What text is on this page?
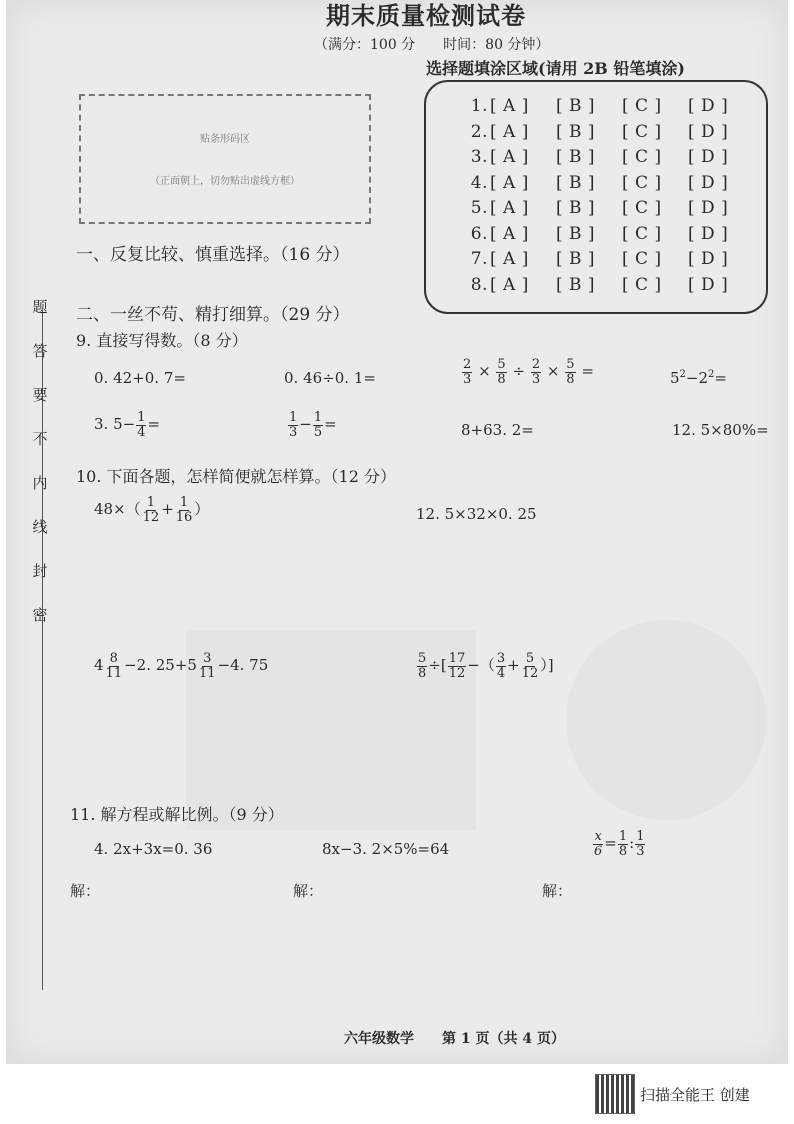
期末质量检测试卷
（满分：100 分　　时间：80 分钟）
选择题填涂区域(请用 2B 铅笔填涂)
贴条形码区
（正面朝上，切勿贴出虚线方框）
1. [ A ] [ B ] [ C ] [ D ]
2. [ A ] [ B ] [ C ] [ D ]
3. [ A ] [ B ] [ C ] [ D ]
4. [ A ] [ B ] [ C ] [ D ]
5. [ A ] [ B ] [ C ] [ D ]
6. [ A ] [ B ] [ C ] [ D ]
7. [ A ] [ B ] [ C ] [ D ]
8. [ A ] [ B ] [ C ] [ D ]
题
答
要
不
内
线
封
密
一、反复比较、慎重选择。（16 分）
二、一丝不苟、精打细算。（29 分）
9. 直接写得数。（8 分）
0. 42+0. 7=	0. 46÷0. 1=	$\frac{2}{3} \times \frac{5}{8} \div \frac{2}{3} \times \frac{5}{8}$ =	$5^2-2^2=$
3. $5- \frac{1}{4}$ =	$\frac{1}{3} - \frac{1}{5}$ =	8+63. 2=	12. 5×80%=
10. 下面各题，怎样简便就怎样算。（12 分）
$48\times( \frac{1}{12} + \frac{1}{16}$ ）	12. 5×32×0. 25
$4 \frac{8}{11} -2$. $25+5 \frac{3}{11} -4$. 75	$\frac{5}{8}$ ÷[ $\frac{17}{12}$ −（ $\frac{3}{4} + \frac{5}{12}$ ）]
11. 解方程或解比例。（9 分）
4. 2x+3x=0. 36	8x−3. 2×5%=64	$\frac{x}{6} = \frac{1}{8}$ : $\frac{1}{3}$
解：	解：	解：
六年级数学　　第 1 页（共 4 页）
扫描全能王 创建
